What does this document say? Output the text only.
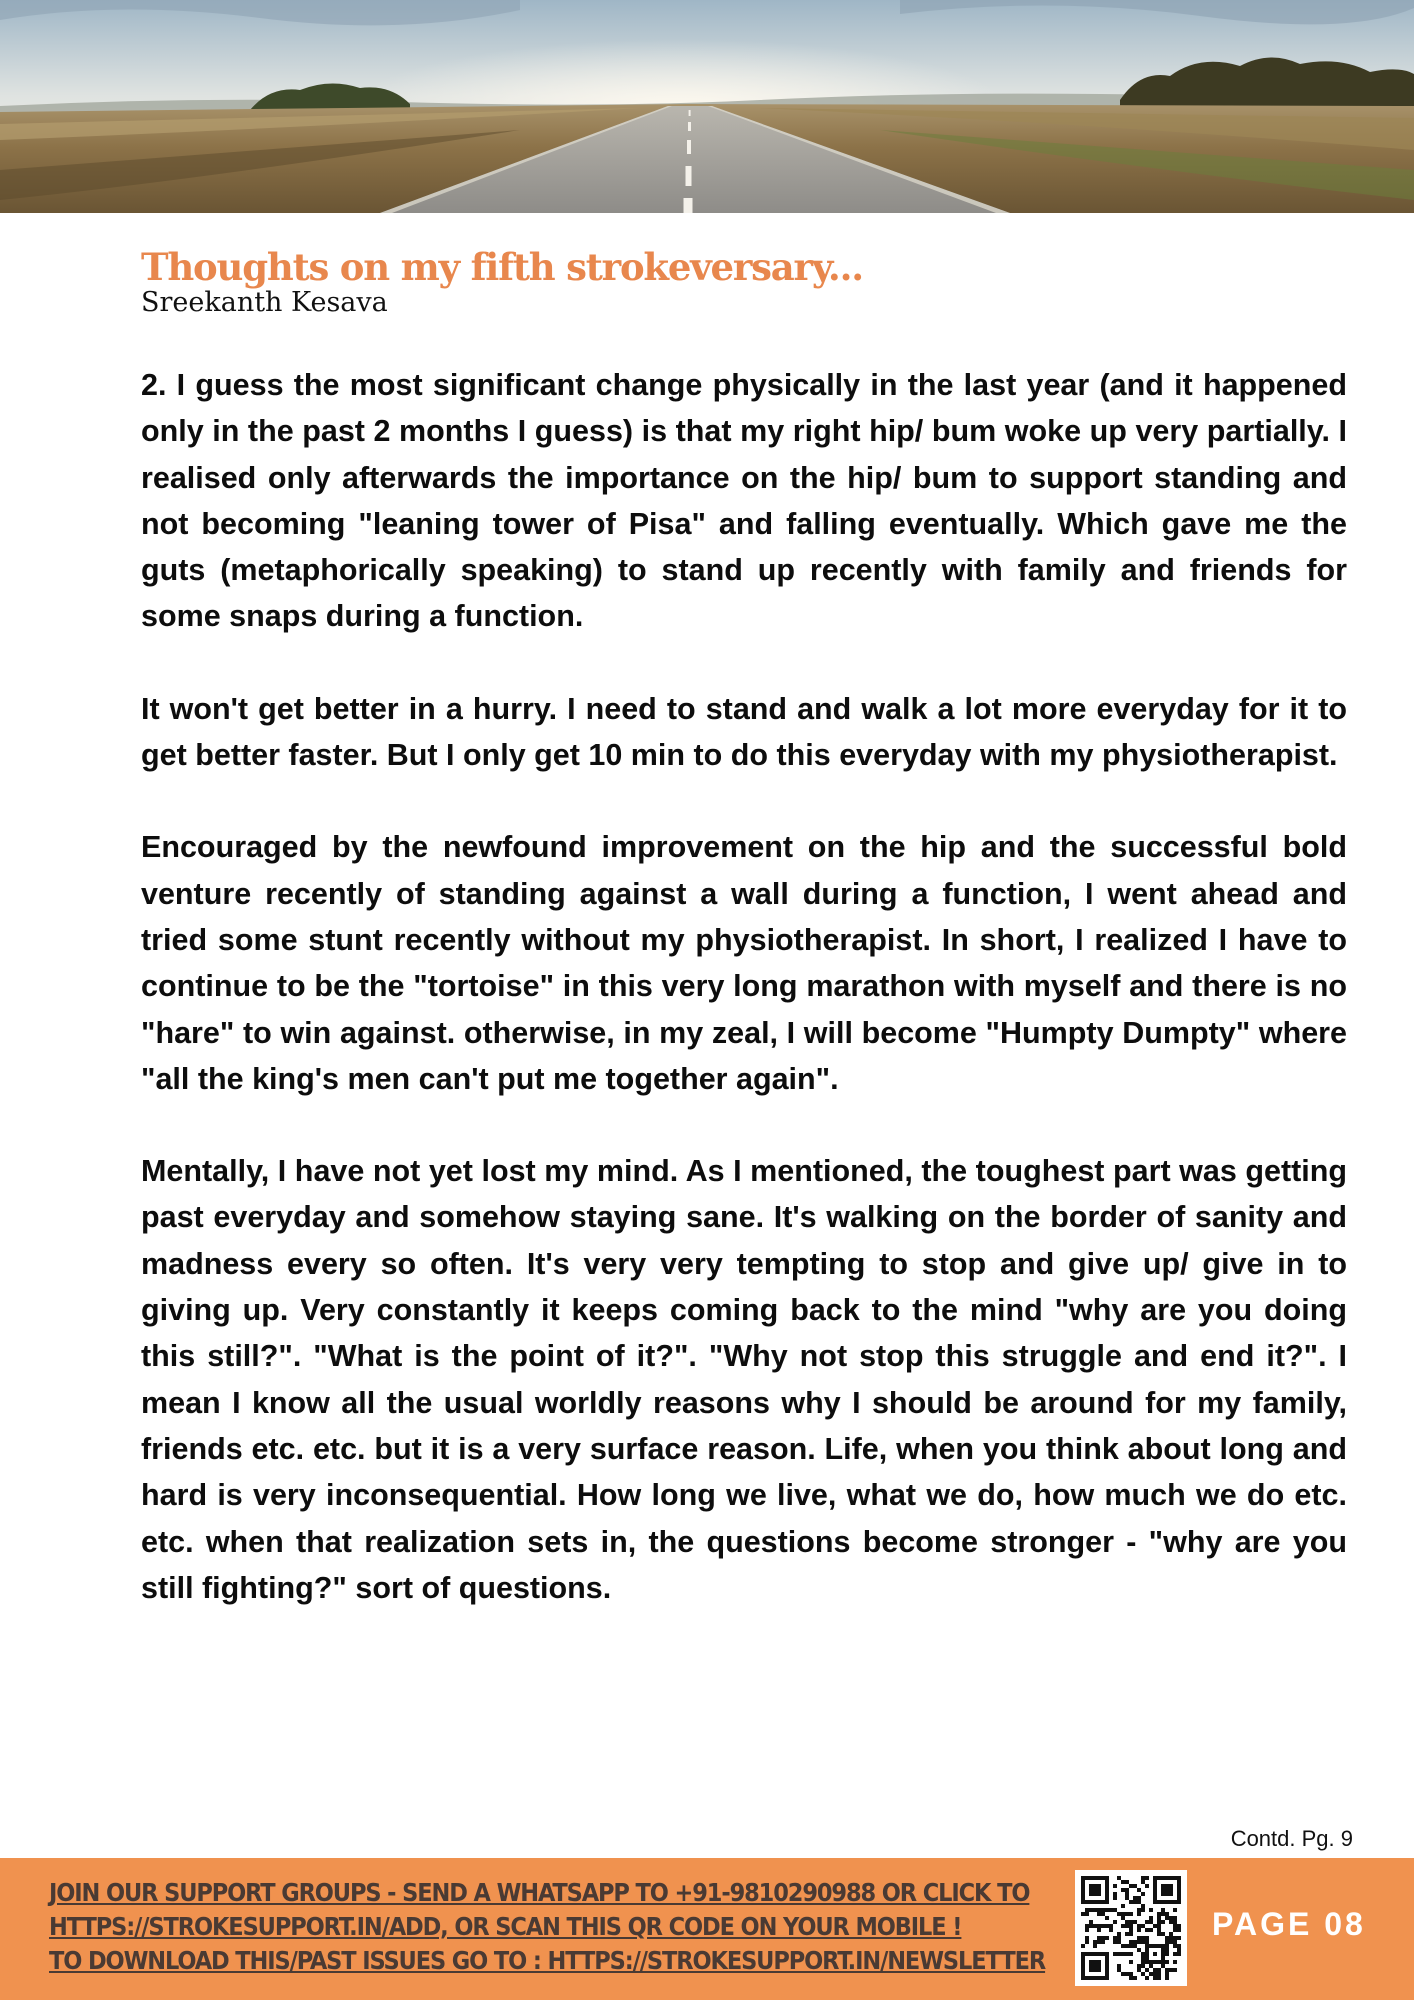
Thoughts on my fifth strokeversary...
Sreekanth Kesava

2. I guess the most significant change physically in the last year (and it happened only in the past 2 months I guess) is that my right hip/ bum woke up very partially. I realised only afterwards the importance on the hip/ bum to support standing and not becoming "leaning tower of Pisa" and falling eventually. Which gave me the guts (metaphorically speaking) to stand up recently with family and friends for some snaps during a function.

It won't get better in a hurry. I need to stand and walk a lot more everyday for it to get better faster. But I only get 10 min to do this everyday with my physiotherapist.

Encouraged by the newfound improvement on the hip and the successful bold venture recently of standing against a wall during a function, I went ahead and tried some stunt recently without my physiotherapist. In short, I realized I have to continue to be the "tortoise" in this very long marathon with myself and there is no "hare" to win against. otherwise, in my zeal, I will become "Humpty Dumpty" where "all the king's men can't put me together again".

Mentally, I have not yet lost my mind. As I mentioned, the toughest part was getting past everyday and somehow staying sane. It's walking on the border of sanity and madness every so often. It's very very tempting to stop and give up/ give in to giving up. Very constantly it keeps coming back to the mind "why are you doing this still?". "What is the point of it?". "Why not stop this struggle and end it?". I mean I know all the usual worldly reasons why I should be around for my family, friends etc. etc. but it is a very surface reason. Life, when you think about long and hard is very inconsequential. How long we live, what we do, how much we do etc. etc. when that realization sets in, the questions become stronger - "why are you still fighting?" sort of questions.

Contd. Pg. 9
JOIN OUR SUPPORT GROUPS - SEND A WHATSAPP TO +91-9810290988 OR CLICK TO
HTTPS://STROKESUPPORT.IN/ADD, OR SCAN THIS QR CODE ON YOUR MOBILE !
TO DOWNLOAD THIS/PAST ISSUES GO TO : HTTPS://STROKESUPPORT.IN/NEWSLETTER
PAGE 08
